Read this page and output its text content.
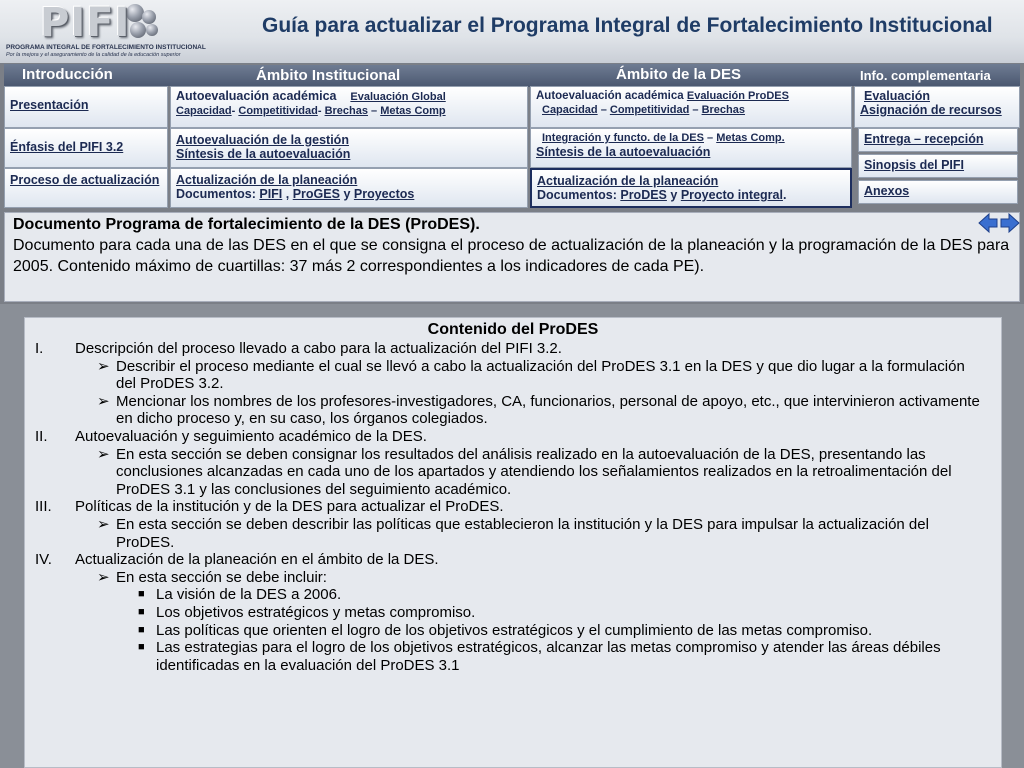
PIFI
PROGRAMA INTEGRAL DE FORTALECIMIENTO INSTITUCIONAL
Por la mejora y el aseguramiento de la calidad de la educación superior
Guía para actualizar el Programa Integral de Fortalecimiento Institucional
Introducción	Ámbito Institucional	Ámbito de la DES	Info. complementaria
Presentación
Énfasis del PIFI 3.2
Proceso de actualización
Autoevaluación académica Evaluación Global
Capacidad- Competitividad- Brechas – Metas Comp
Autoevaluación de la gestión
Síntesis de la autoevaluación
Actualización de la planeación
Documentos: PIFI , ProGES y Proyectos
Autoevaluación académica Evaluación ProDES
Capacidad – Competitividad – Brechas
Integración y functo. de la DES – Metas Comp.
Síntesis de la autoevaluación
Actualización de la planeación
Documentos: ProDES y Proyecto integral.
Evaluación
Asignación de recursos
Entrega – recepción
Sinopsis del PIFI
Anexos
Documento Programa de fortalecimiento de la DES (ProDES).
Documento para cada una de las DES en el que se consigna el proceso de actualización de la planeación y la programación de la DES para 2005. Contenido máximo de cuartillas: 37 más 2 correspondientes a los indicadores de cada PE).
Contenido del ProDES
I. Descripción del proceso llevado a cabo para la actualización del PIFI 3.2.
➢ Describir el proceso mediante el cual se llevó a cabo la actualización del ProDES 3.1 en la DES y que dio lugar a la formulación del ProDES 3.2.
➢ Mencionar los nombres de los profesores-investigadores, CA, funcionarios, personal de apoyo, etc., que intervinieron activamente en dicho proceso y, en su caso, los órganos colegiados.
II. Autoevaluación y seguimiento académico de la DES.
➢ En esta sección se deben consignar los resultados del análisis realizado en la autoevaluación de la DES, presentando las conclusiones alcanzadas en cada uno de los apartados y atendiendo los señalamientos realizados en la retroalimentación del ProDES 3.1 y las conclusiones del seguimiento académico.
III. Políticas de la institución y de la DES para actualizar el ProDES.
➢ En esta sección se deben describir las políticas que establecieron la institución y la DES para impulsar la actualización del ProDES.
IV. Actualización de la planeación en el ámbito de la DES.
➢ En esta sección se debe incluir:
■ La visión de la DES a 2006.
■ Los objetivos estratégicos y metas compromiso.
■ Las políticas que orienten el logro de los objetivos estratégicos y el cumplimiento de las metas compromiso.
■ Las estrategias para el logro de los objetivos estratégicos, alcanzar las metas compromiso y atender las áreas débiles identificadas en la evaluación del ProDES 3.1
